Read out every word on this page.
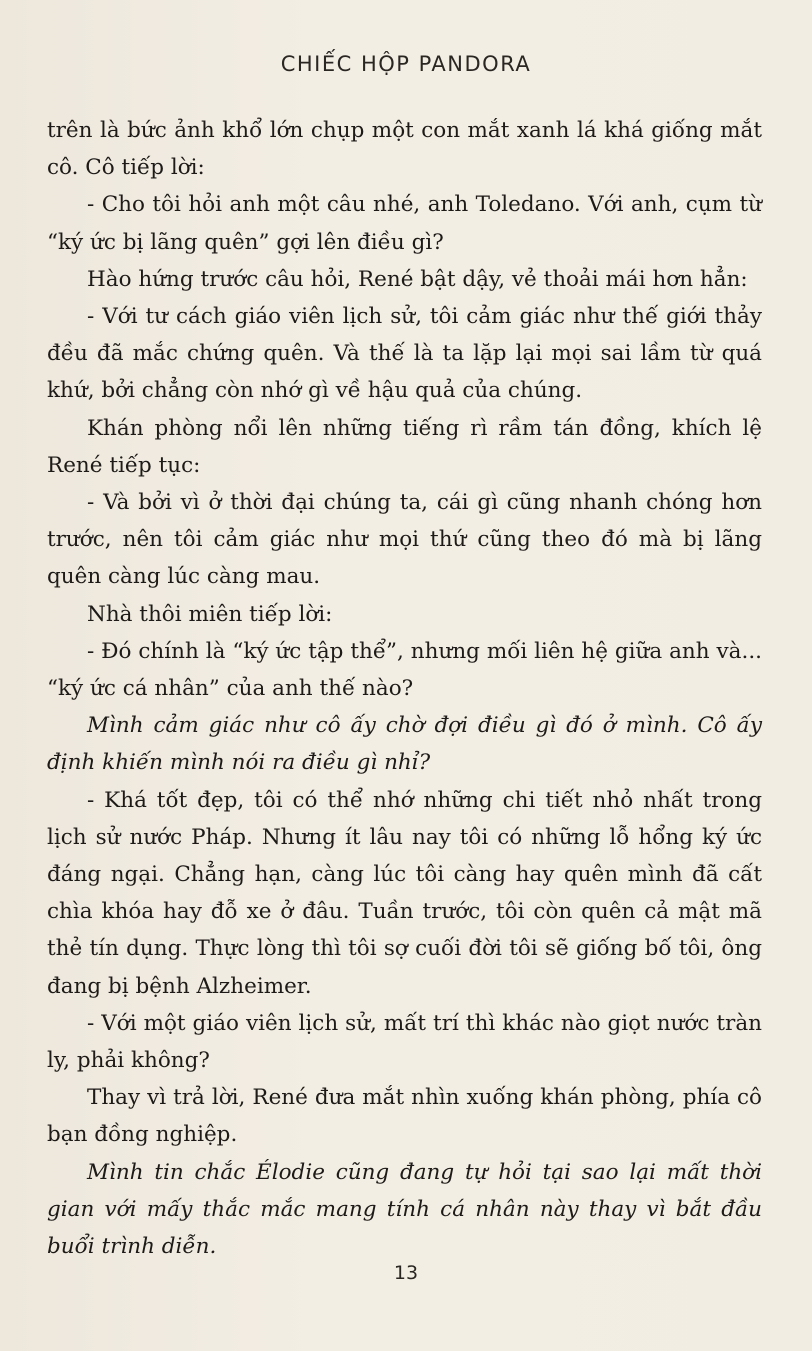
CHIẾC HỘP PANDORA

trên là bức ảnh khổ lớn chụp một con mắt xanh lá khá giống mắt cô. Cô tiếp lời:

- Cho tôi hỏi anh một câu nhé, anh Toledano. Với anh, cụm từ “ký ức bị lãng quên” gợi lên điều gì?

Hào hứng trước câu hỏi, René bật dậy, vẻ thoải mái hơn hẳn:

- Với tư cách giáo viên lịch sử, tôi cảm giác như thế giới thảy đều đã mắc chứng quên. Và thế là ta lặp lại mọi sai lầm từ quá khứ, bởi chẳng còn nhớ gì về hậu quả của chúng.

Khán phòng nổi lên những tiếng rì rầm tán đồng, khích lệ René tiếp tục:

- Và bởi vì ở thời đại chúng ta, cái gì cũng nhanh chóng hơn trước, nên tôi cảm giác như mọi thứ cũng theo đó mà bị lãng quên càng lúc càng mau.

Nhà thôi miên tiếp lời:

- Đó chính là “ký ức tập thể”, nhưng mối liên hệ giữa anh và... “ký ức cá nhân” của anh thế nào?

Mình cảm giác như cô ấy chờ đợi điều gì đó ở mình. Cô ấy định khiến mình nói ra điều gì nhỉ?

- Khá tốt đẹp, tôi có thể nhớ những chi tiết nhỏ nhất trong lịch sử nước Pháp. Nhưng ít lâu nay tôi có những lỗ hổng ký ức đáng ngại. Chẳng hạn, càng lúc tôi càng hay quên mình đã cất chìa khóa hay đỗ xe ở đâu. Tuần trước, tôi còn quên cả mật mã thẻ tín dụng. Thực lòng thì tôi sợ cuối đời tôi sẽ giống bố tôi, ông đang bị bệnh Alzheimer.

- Với một giáo viên lịch sử, mất trí thì khác nào giọt nước tràn ly, phải không?

Thay vì trả lời, René đưa mắt nhìn xuống khán phòng, phía cô bạn đồng nghiệp.

Mình tin chắc Élodie cũng đang tự hỏi tại sao lại mất thời gian với mấy thắc mắc mang tính cá nhân này thay vì bắt đầu buổi trình diễn.

13
